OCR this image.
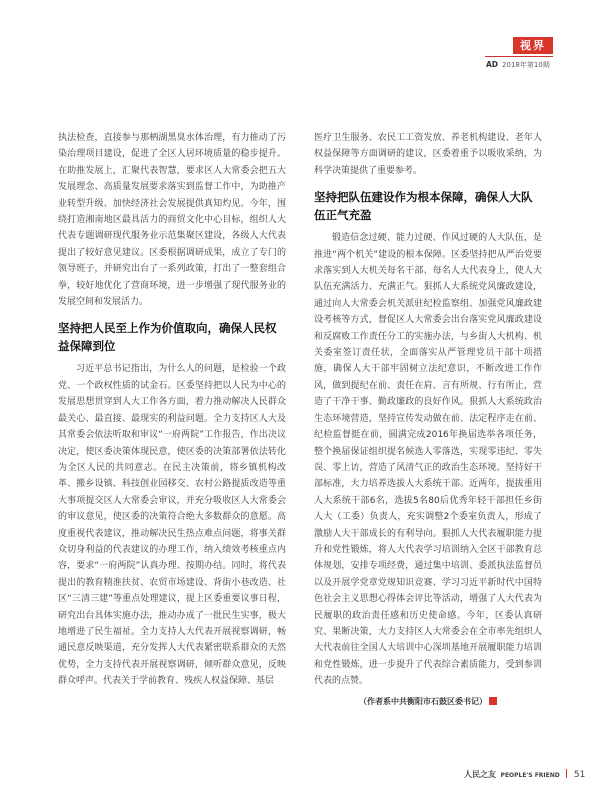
视界
AD 2018年第10期

执法检查，直接参与那柄湖黑臭水体治理，有力推动了污染治理项目建设，促进了全区人居环境质量的稳步提升。在助推发展上，汇聚代表智慧，要求区人大常委会把五大发展理念、高质量发展要求落实到监督工作中，为助推产业转型升级、加快经济社会发展提供真知灼见。今年，围绕打造湘南地区最具活力的商贸文化中心目标，组织人大代表专题调研现代服务业示范集聚区建设，各级人大代表提出了较好意见建议。区委根据调研成果，成立了专门的领导班子，并研究出台了一系列政策，打出了一整套组合拳，较好地优化了营商环境，进一步增强了现代服务业的发展空间和发展活力。

坚持把人民至上作为价值取向，确保人民权益保障到位

习近平总书记指出，为什么人的问题，是检验一个政党、一个政权性质的试金石。区委坚持把以人民为中心的发展思想贯穿到人大工作各方面，着力推动解决人民群众最关心、最直接、最现实的利益问题。全力支持区人大及其常委会依法听取和审议“一府两院”工作报告，作出决议决定，使区委决策体现民意，使区委的决策部署依法转化为全区人民的共同意志。在民主决策前，将乡镇机构改革、搬乡设镇、科技创业园移交、农村公路提质改造等重大事项提交区人大常委会审议，并充分吸收区人大常委会的审议意见，使区委的决策符合绝大多数群众的意愿。高度重视代表建议，推动解决民生热点难点问题，将事关群众切身利益的代表建议的办理工作，纳入绩效考核重点内容，要求“一府两院”认真办理、按期办结。同时，将代表提出的教育精准扶贫、农贸市场建设、背街小巷改造、社区“三清三建”等重点处理建议，提上区委重要议事日程，研究出台具体实施办法，推动办成了一批民生实事，极大地增进了民生福祉。全力支持人大代表开展视察调研，畅通民意反映渠道，充分发挥人大代表紧密联系群众的天然优势，全力支持代表开展视察调研，倾听群众意见，反映群众呼声。代表关于学前教育、残疾人权益保障、基层

医疗卫生服务、农民工工资发放、养老机构建设、老年人权益保障等方面调研的建议，区委着重予以吸收采纳，为科学决策提供了重要参考。

坚持把队伍建设作为根本保障，确保人大队伍正气充盈

锻造信念过硬、能力过硬、作风过硬的人大队伍，是推进“两个机关”建设的根本保障。区委坚持把从严治党要求落实到人大机关每名干部、每名人大代表身上，使人大队伍充满活力、充满正气。狠抓人大系统党风廉政建设，通过向人大常委会机关派驻纪检监察组、加强党风廉政建设考核等方式，督促区人大常委会出台落实党风廉政建设和反腐败工作责任分工的实施办法，与乡街人大机构、机关委室签订责任状，全面落实从严管理党员干部十项措施，确保人大干部牢固树立法纪意识，不断改进工作作风，做到提纪在前、责任在肩、言有所规、行有所止，营造了干净干事、勤政廉政的良好作风。狠抓人大系统政治生态环境营造，坚持宣传发动做在前、法定程序走在前、纪检监督挺在前，圆满完成2016年换届选举各项任务，整个换届保证组织提名候选人零落选，实现零违纪、零失误、零上访，营造了风清气正的政治生态环境。坚持好干部标准，大力培养选拔人大系统干部。近两年，提拔重用人大系统干部6名，选拔5名80后优秀年轻干部担任乡街人大（工委）负责人，充实调整2个委室负责人，形成了激励人大干部成长的有利导向。狠抓人大代表履职能力提升和党性锻炼，将人大代表学习培训纳入全区干部教育总体规划，安排专项经费，通过集中培训、委派执法监督员以及开展学党章党规知识竞赛、学习习近平新时代中国特色社会主义思想心得体会评比等活动，增强了人大代表为民履职的政治责任感和历史使命感。今年，区委认真研究、果断决策，大力支持区人大常委会在全市率先组织人大代表前往全国人大培训中心深圳基地开展履职能力培训和党性锻炼，进一步提升了代表综合素质能力，受到参训代表的点赞。

（作者系中共衡阳市石鼓区委书记）
人民之友 PEOPLE'S FRIEND 51
